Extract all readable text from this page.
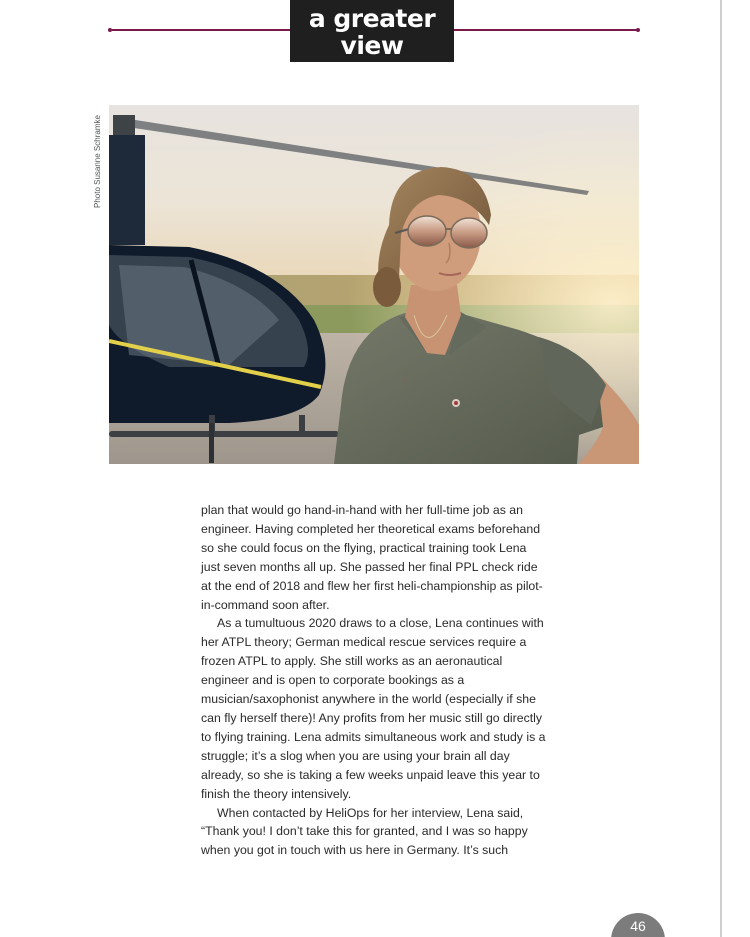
a greater
view
Photo Susanne Schramke

plan that would go hand-in-hand with her full-time job as an engineer. Having completed her theoretical exams beforehand so she could focus on the flying, practical training took Lena just seven months all up. She passed her final PPL check ride at the end of 2018 and flew her first heli-championship as pilot-in-command soon after.

As a tumultuous 2020 draws to a close, Lena continues with her ATPL theory; German medical rescue services require a frozen ATPL to apply. She still works as an aeronautical engineer and is open to corporate bookings as a musician/saxophonist anywhere in the world (especially if she can fly herself there)! Any profits from her music still go directly to flying training. Lena admits simultaneous work and study is a struggle; it’s a slog when you are using your brain all day already, so she is taking a few weeks unpaid leave this year to finish the theory intensively.

When contacted by HeliOps for her interview, Lena said, “Thank you! I don’t take this for granted, and I was so happy when you got in touch with us here in Germany. It’s such

46
